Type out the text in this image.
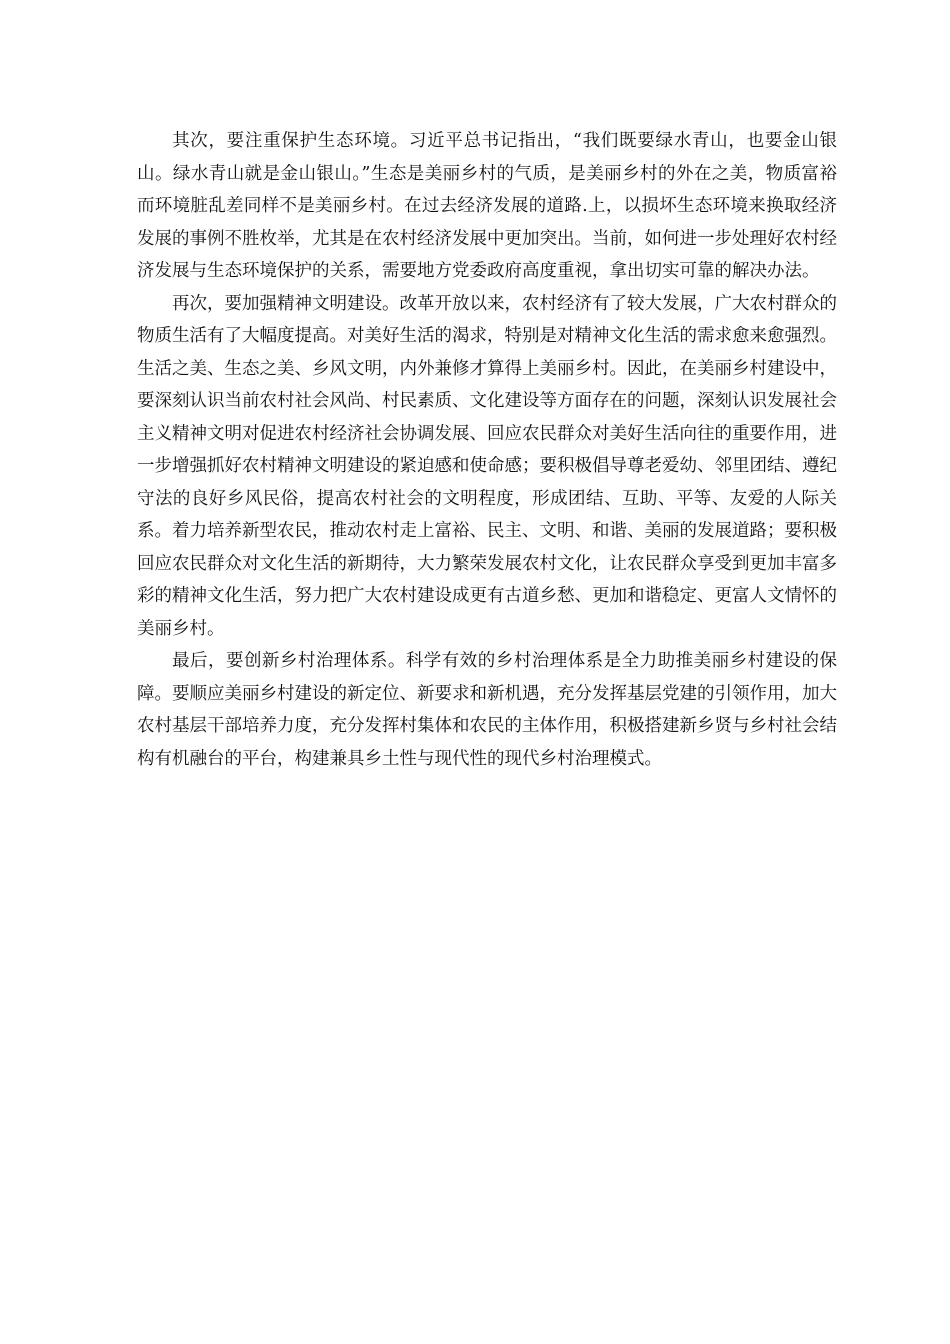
其次，要注重保护生态环境。习近平总书记指出，“我们既要绿水青山，也要金山银山。绿水青山就是金山银山。”生态是美丽乡村的气质，是美丽乡村的外在之美，物质富裕而环境脏乱差同样不是美丽乡村。在过去经济发展的道路.上，以损坏生态环境来换取经济发展的事例不胜枚举，尤其是在农村经济发展中更加突出。当前，如何进一步处理好农村经济发展与生态环境保护的关系，需要地方党委政府高度重视，拿出切实可靠的解决办法。

再次，要加强精神文明建设。改革开放以来，农村经济有了较大发展，广大农村群众的物质生活有了大幅度提高。对美好生活的渴求，特别是对精神文化生活的需求愈来愈强烈。生活之美、生态之美、乡风文明，内外兼修才算得上美丽乡村。因此，在美丽乡村建设中，要深刻认识当前农村社会风尚、村民素质、文化建设等方面存在的问题，深刻认识发展社会主义精神文明对促进农村经济社会协调发展、回应农民群众对美好生活向往的重要作用，进一步增强抓好农村精神文明建设的紧迫感和使命感；要积极倡导尊老爱幼、邻里团结、遵纪守法的良好乡风民俗，提高农村社会的文明程度，形成团结、互助、平等、友爱的人际关系。着力培养新型农民，推动农村走上富裕、民主、文明、和谐、美丽的发展道路；要积极回应农民群众对文化生活的新期待，大力繁荣发展农村文化，让农民群众享受到更加丰富多彩的精神文化生活，努力把广大农村建设成更有古道乡愁、更加和谐稳定、更富人文情怀的美丽乡村。

最后，要创新乡村治理体系。科学有效的乡村治理体系是全力助推美丽乡村建设的保障。要顺应美丽乡村建设的新定位、新要求和新机遇，充分发挥基层党建的引领作用，加大农村基层干部培养力度，充分发挥村集体和农民的主体作用，积极搭建新乡贤与乡村社会结构有机融台的平台，构建兼具乡土性与现代性的现代乡村治理模式。
